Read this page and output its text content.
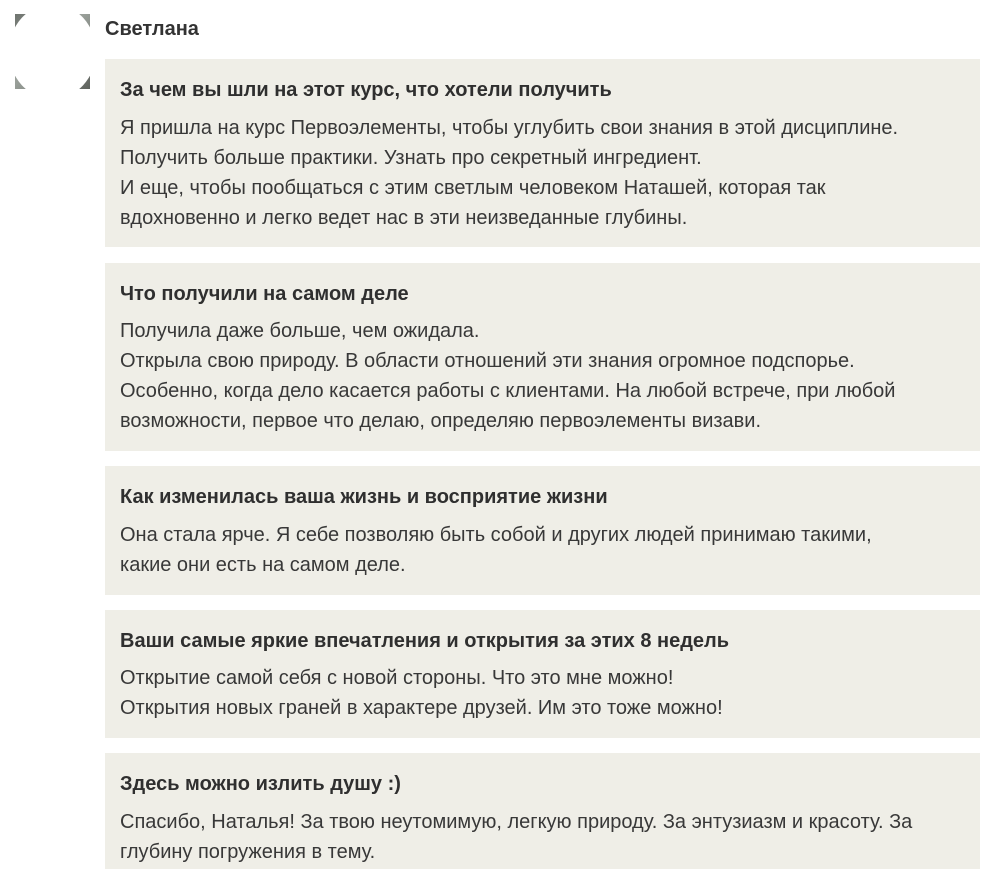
Светлана
За чем вы шли на этот курс, что хотели получить
Я пришла на курс Первоэлементы, чтобы углубить свои знания в этой дисциплине.
Получить больше практики. Узнать про секретный ингредиент.
И еще, чтобы пообщаться с этим светлым человеком Наташей, которая так
вдохновенно и легко ведет нас в эти неизведанные глубины.
Что получили на самом деле
Получила даже больше, чем ожидала.
Открыла свою природу. В области отношений эти знания огромное подспорье.
Особенно, когда дело касается работы с клиентами. На любой встрече, при любой
возможности, первое что делаю, определяю первоэлементы визави.
Как изменилась ваша жизнь и восприятие жизни
Она стала ярче. Я себе позволяю быть собой и других людей принимаю такими,
какие они есть на самом деле.
Ваши самые яркие впечатления и открытия за этих 8 недель
Открытие самой себя с новой стороны. Что это мне можно!
Открытия новых граней в характере друзей. Им это тоже можно!
Здесь можно излить душу :)
Спасибо, Наталья! За твою неутомимую, легкую природу. За энтузиазм и красоту. За
глубину погружения в тему.
